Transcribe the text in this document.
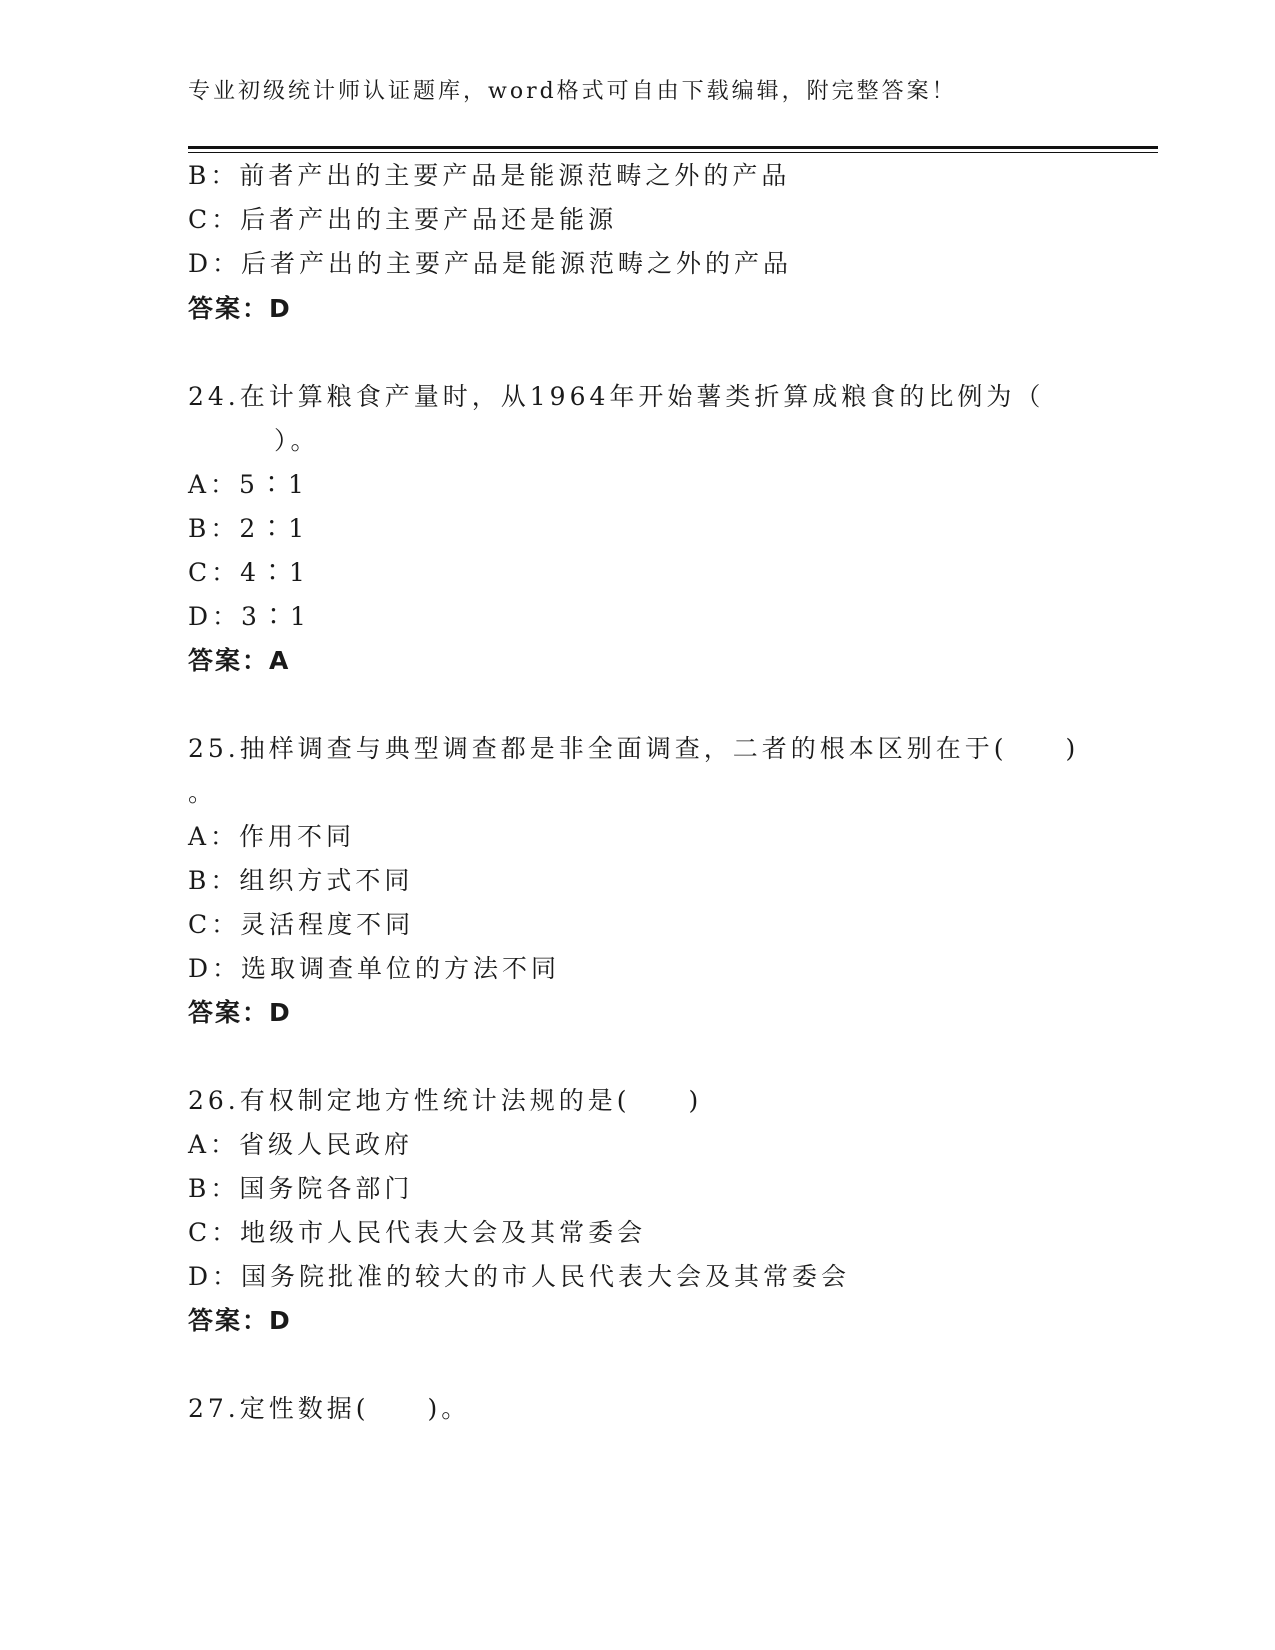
专业初级统计师认证题库，word格式可自由下载编辑，附完整答案！
B：前者产出的主要产品是能源范畴之外的产品
C：后者产出的主要产品还是能源
D：后者产出的主要产品是能源范畴之外的产品
答案：D
24.在计算粮食产量时，从1964年开始薯类折算成粮食的比例为（
　　）。
A：5∶1
B：2∶1
C：4∶1
D：3∶1
答案：A
25.抽样调查与典型调查都是非全面调查，二者的根本区别在于(　　)
。
A：作用不同
B：组织方式不同
C：灵活程度不同
D：选取调查单位的方法不同
答案：D
26.有权制定地方性统计法规的是(　　)
A：省级人民政府
B：国务院各部门
C：地级市人民代表大会及其常委会
D：国务院批准的较大的市人民代表大会及其常委会
答案：D
27.定性数据(　　)。
